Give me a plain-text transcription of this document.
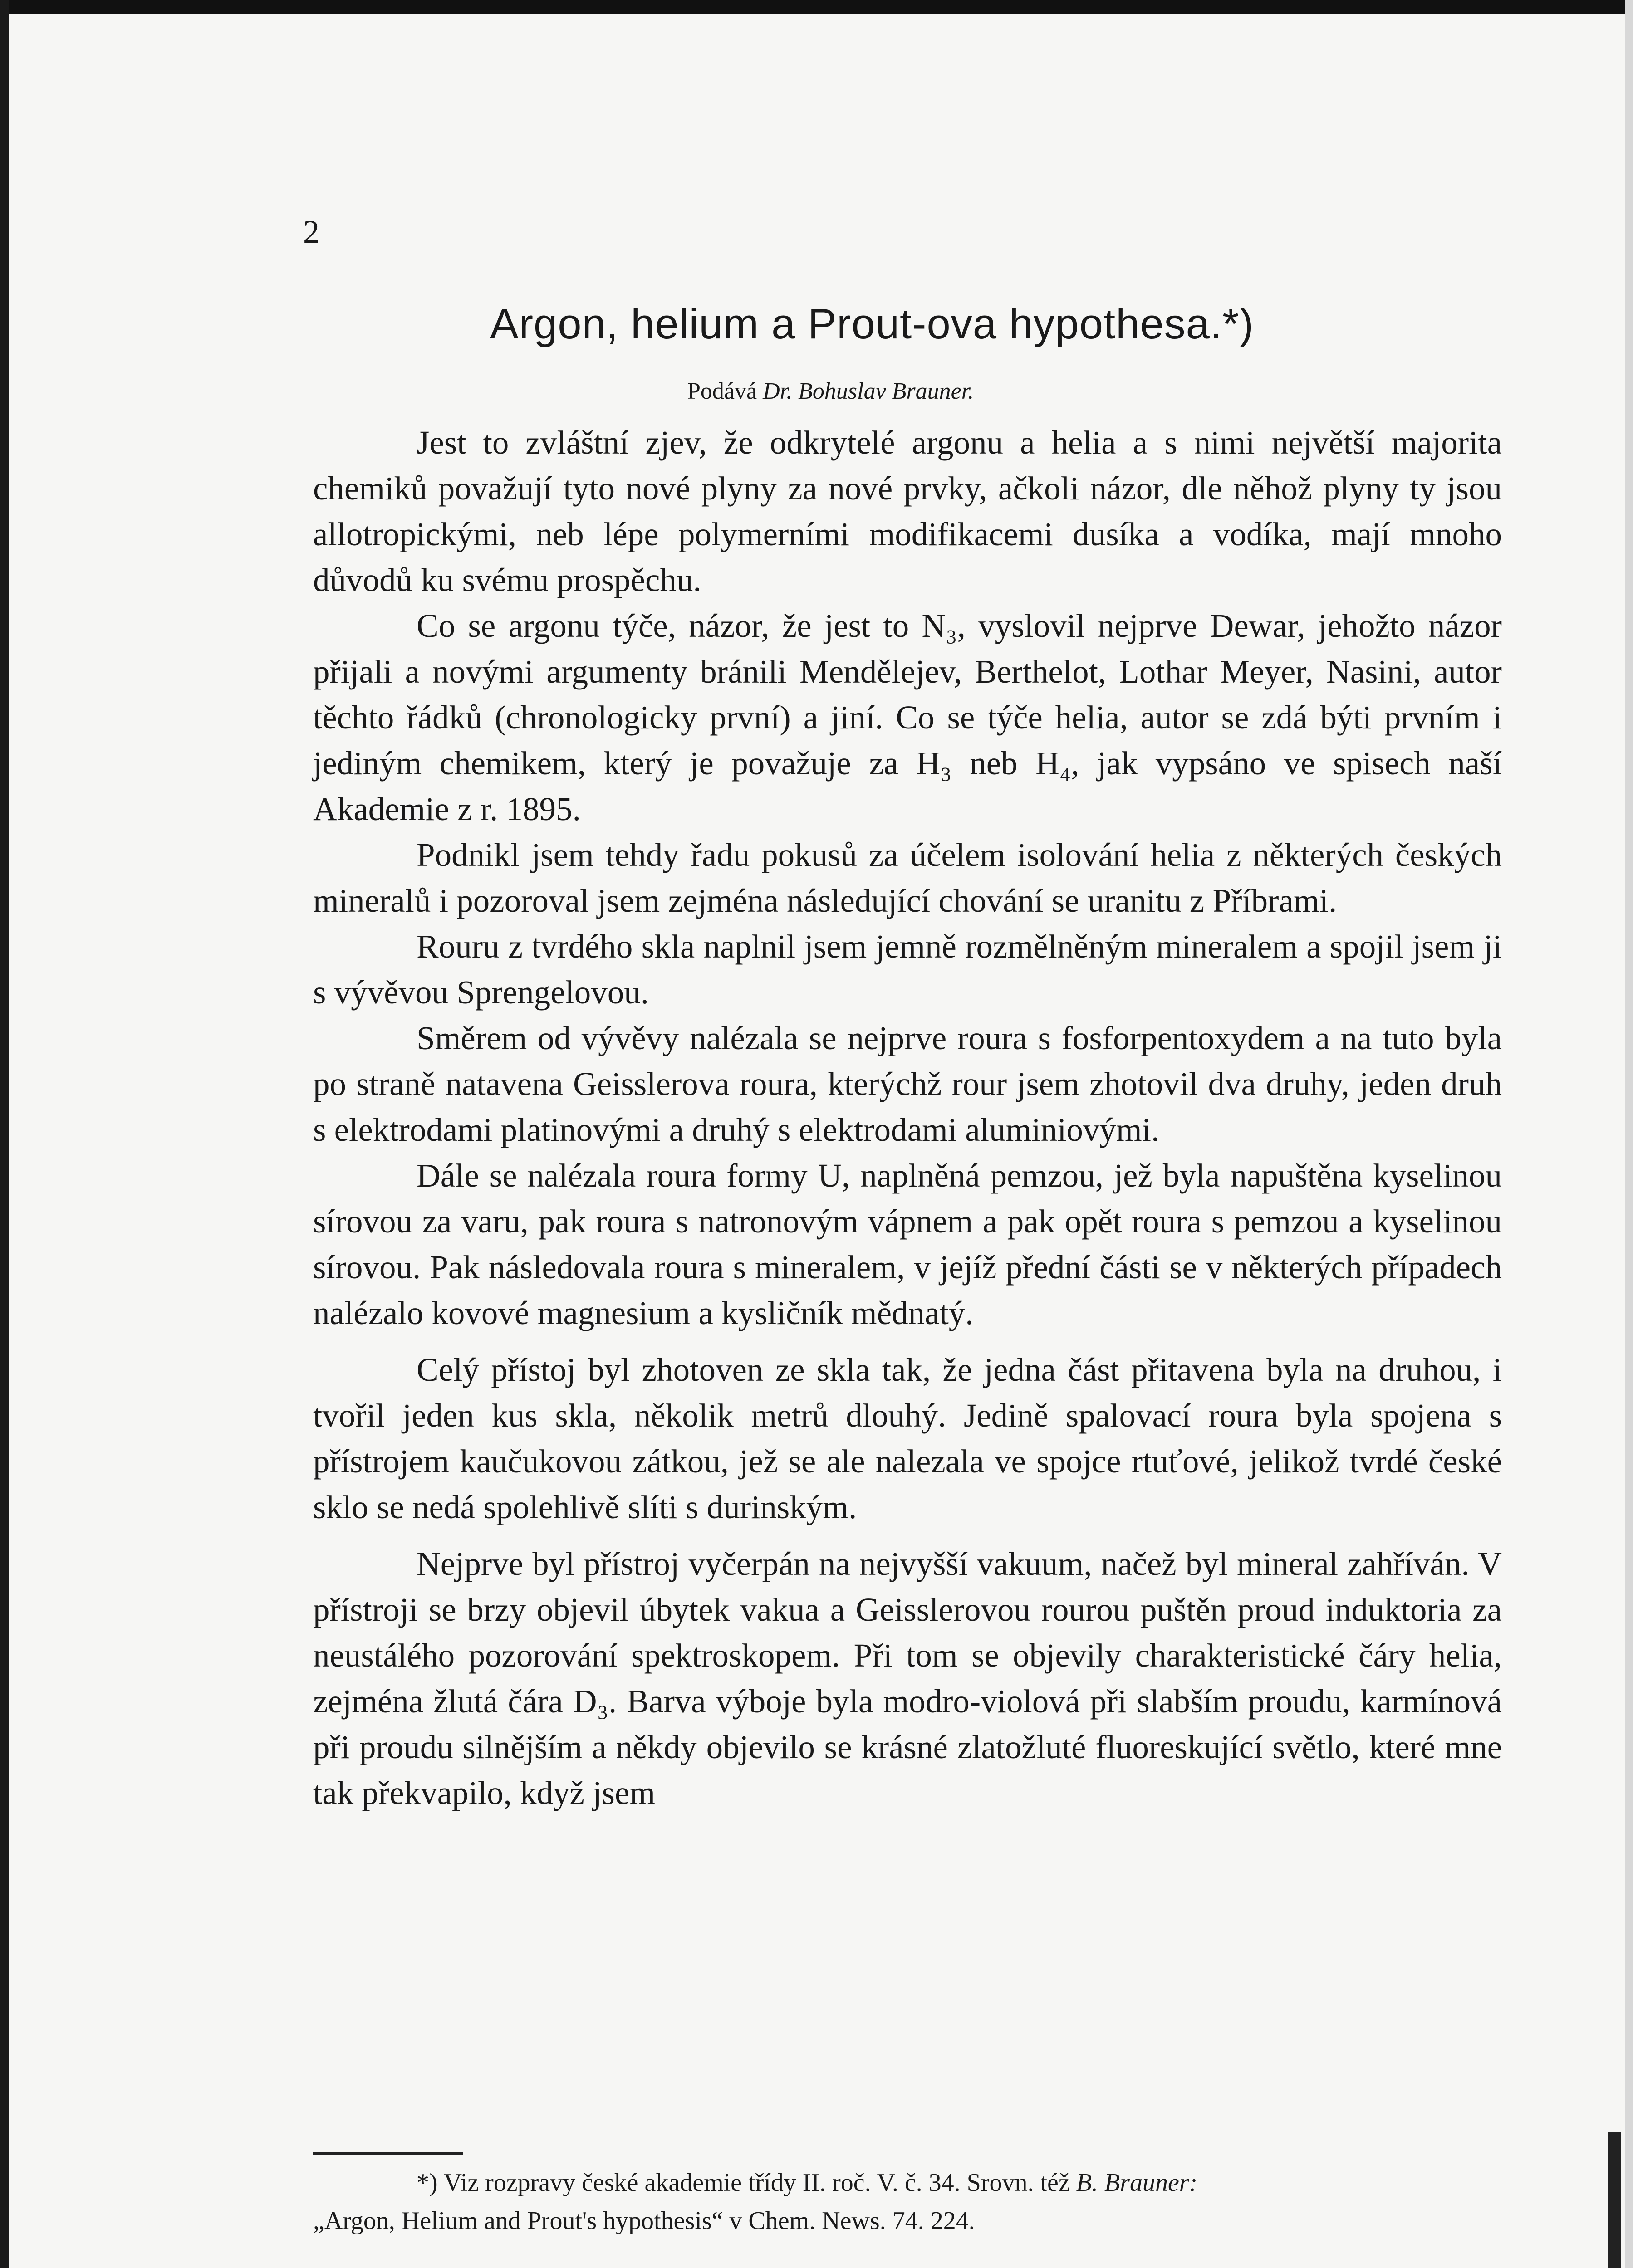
2
Argon, helium a Prout-ova hypothesa.*)
Podává Dr. Bohuslav Brauner.

Jest to zvláštní zjev, že odkrytelé argonu a helia a s nimi největší majorita chemiků považují tyto nové plyny za nové prvky, ačkoli názor, dle něhož plyny ty jsou allotropickými, neb lépe polymerními modifikacemi dusíka a vodíka, mají mnoho důvodů ku svému prospěchu.

Co se argonu týče, názor, že jest to N₃, vyslovil nejprve Dewar, jehožto názor přijali a novými argumenty bránili Mendělejev, Berthelot, Lothar Meyer, Nasini, autor těchto řádků (chronologicky první) a jiní. Co se týče helia, autor se zdá býti prvním i jediným chemikem, který je považuje za H₃ neb H₄, jak vypsáno ve spisech naší Akademie z r. 1895.

Podnikl jsem tehdy řadu pokusů za účelem isolování helia z některých českých mineralů i pozoroval jsem zejména následující chování se uranitu z Příbrami.

Rouru z tvrdého skla naplnil jsem jemně rozmělněným mineralem a spojil jsem ji s vývěvou Sprengelovou.

Směrem od vývěvy nalézala se nejprve roura s fosforpentoxydem a na tuto byla po straně natavena Geisslerova roura, kterýchž rour jsem zhotovil dva druhy, jeden druh s elektrodami platinovými a druhý s elektrodami aluminiovými.

Dále se nalézala roura formy U, naplněná pemzou, jež byla napuštěna kyselinou sírovou za varu, pak roura s natronovým vápnem a pak opět roura s pemzou a kyselinou sírovou. Pak následovala roura s mineralem, v jejíž přední části se v některých případech nalézalo kovové magnesium a kysličník mědnatý.

Celý přístoj byl zhotoven ze skla tak, že jedna část přitavena byla na druhou, i tvořil jeden kus skla, několik metrů dlouhý. Jedině spalovací roura byla spojena s přístrojem kaučukovou zátkou, jež se ale nalezala ve spojce rtuťové, jelikož tvrdé české sklo se nedá spolehlivě slíti s durinským.

Nejprve byl přístroj vyčerpán na nejvyšší vakuum, načež byl mineral zahříván. V přístroji se brzy objevil úbytek vakua a Geisslerovou rourou puštěn proud induktoria za neustálého pozorování spektroskopem. Při tom se objevily charakteristické čáry helia, zejména žlutá čára D₃. Barva výboje byla modro-violová při slabším proudu, karmínová při proudu silnějším a někdy objevilo se krásné zlatožluté fluoreskující světlo, které mne tak překvapilo, když jsem

*) Viz rozpravy české akademie třídy II. roč. V. č. 34. Srovn. též B. Brauner:

„Argon, Helium and Prout's hypothesis“ v Chem. News. 74. 224.
